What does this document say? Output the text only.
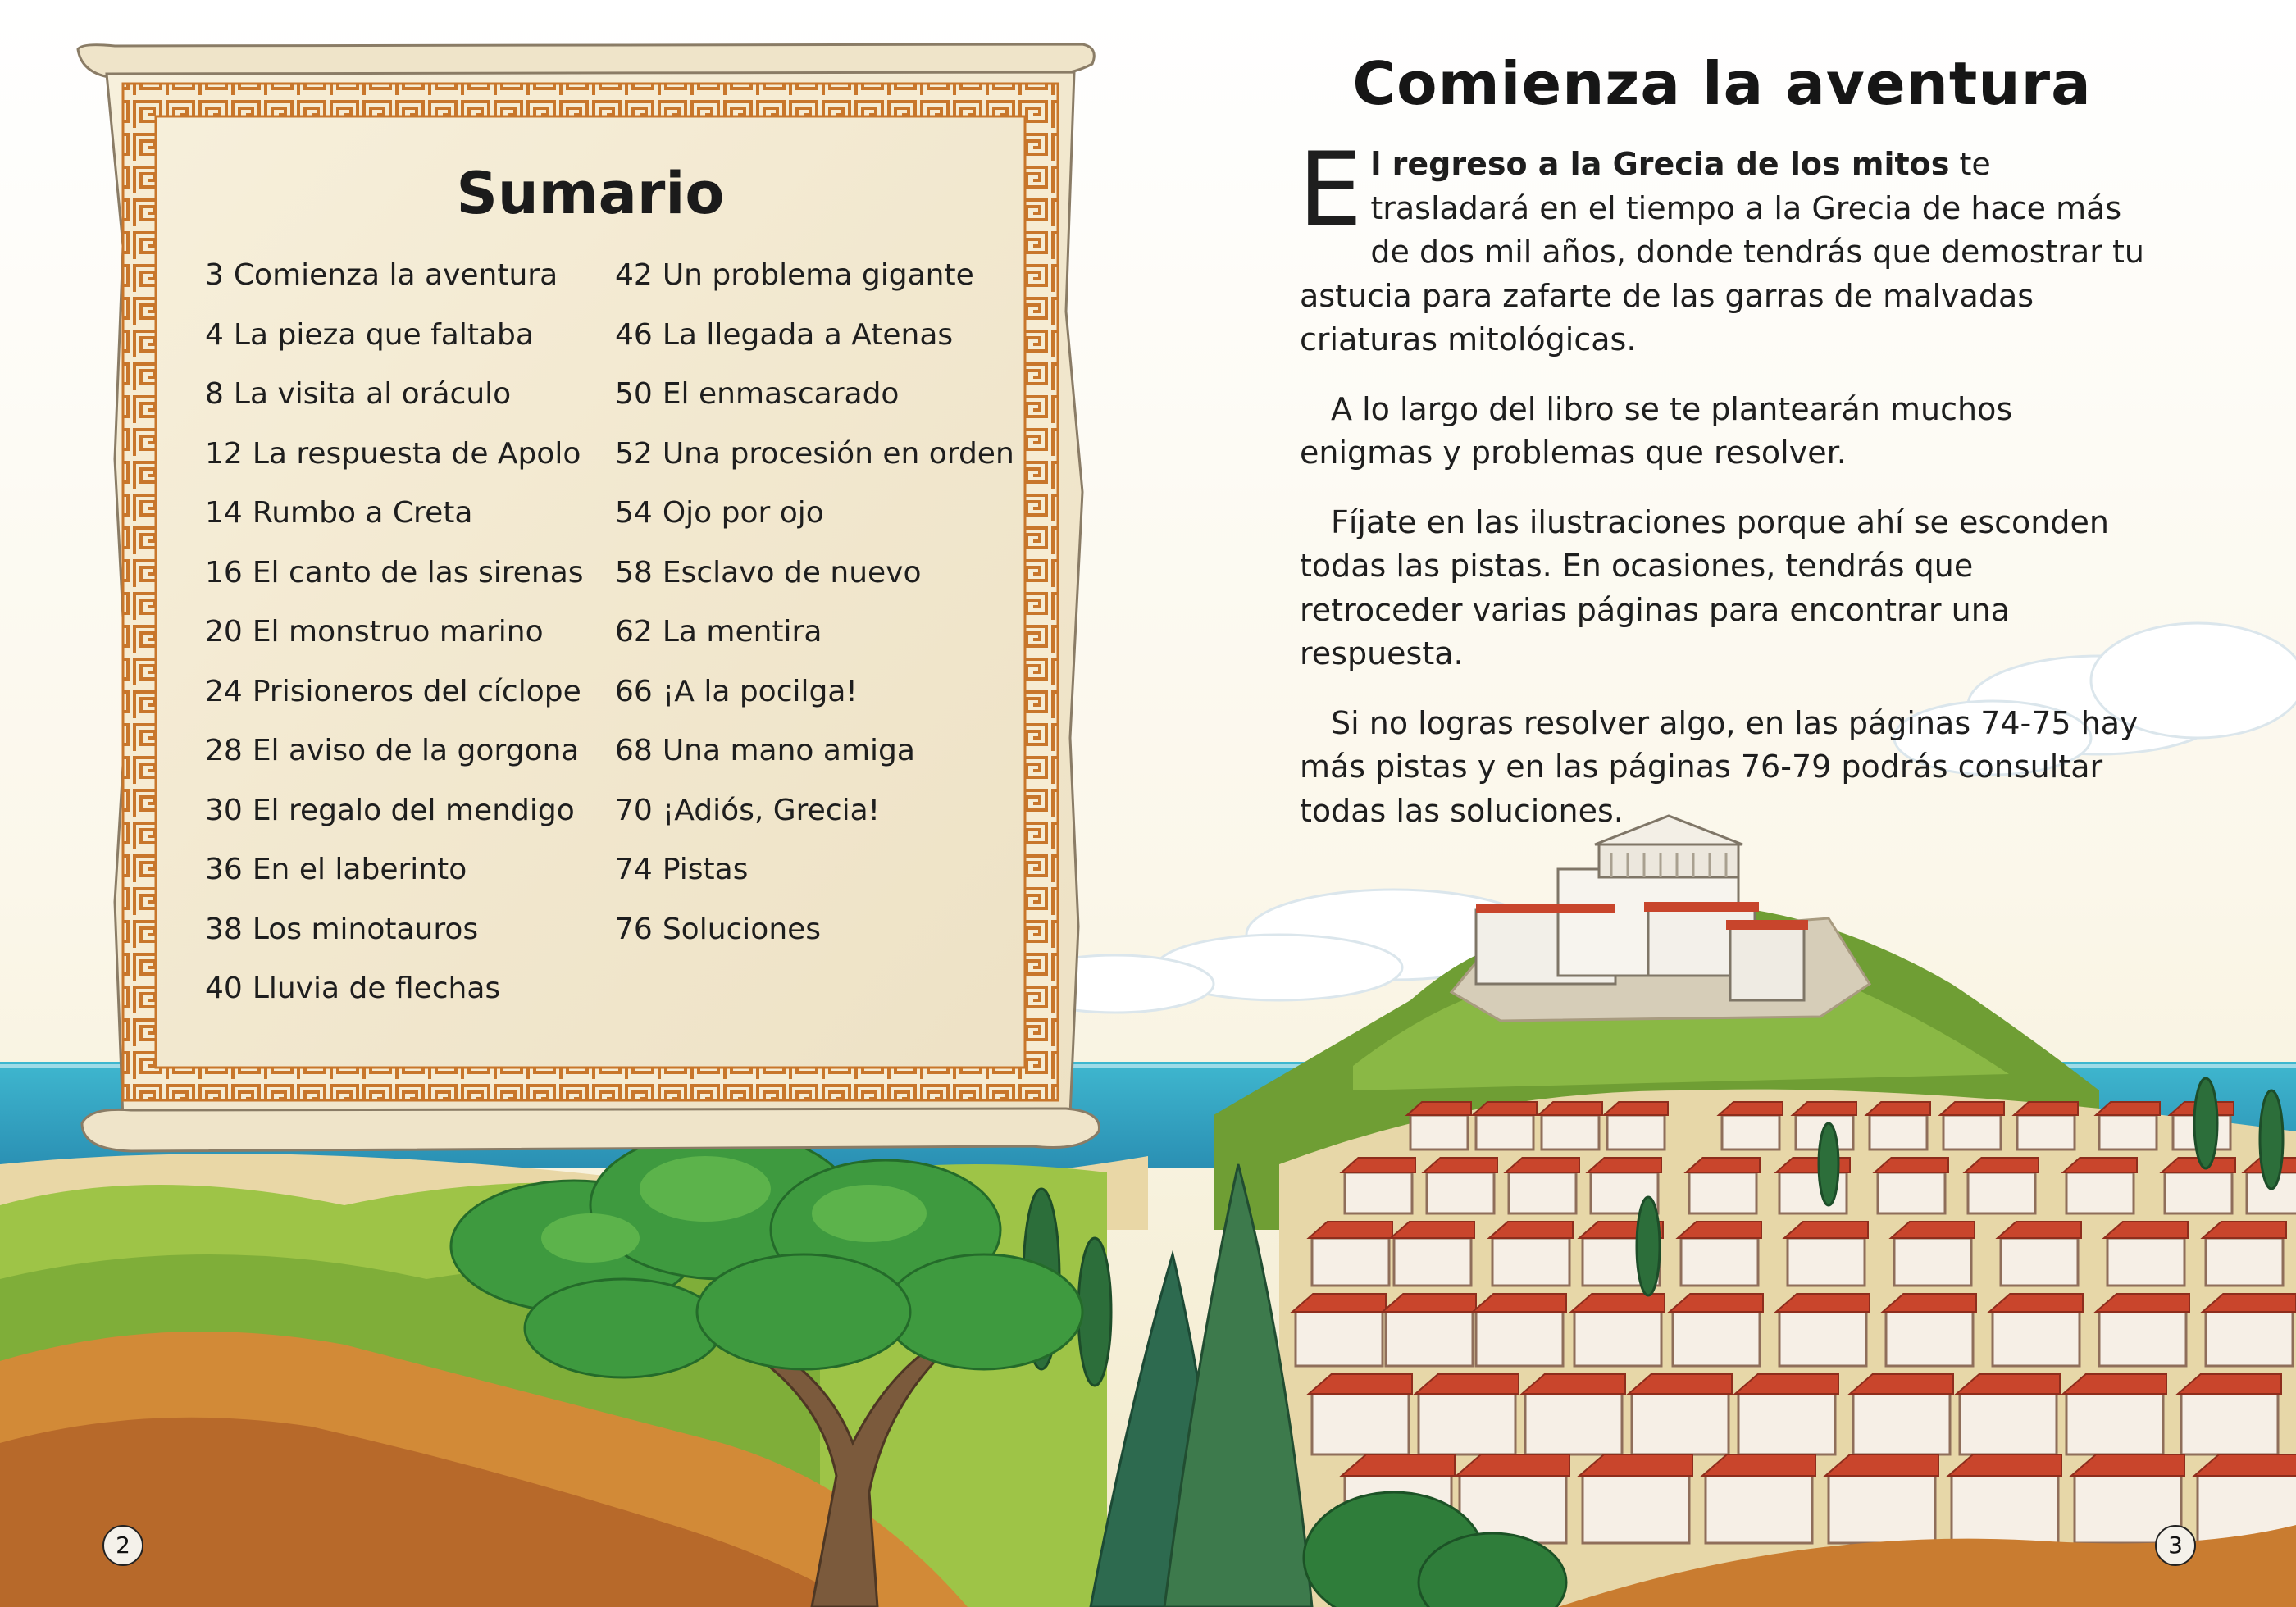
Sumario
3 Comienza la aventura
4 La pieza que faltaba
8 La visita al oráculo
12 La respuesta de Apolo
14 Rumbo a Creta
16 El canto de las sirenas
20 El monstruo marino
24 Prisioneros del cíclope
28 El aviso de la gorgona
30 El regalo del mendigo
36 En el laberinto
38 Los minotauros
40 Lluvia de flechas
42 Un problema gigante
46 La llegada a Atenas
50 El enmascarado
52 Una procesión en orden
54 Ojo por ojo
58 Esclavo de nuevo
62 La mentira
66 ¡A la pocilga!
68 Una mano amiga
70 ¡Adiós, Grecia!
74 Pistas
76 Soluciones
Comienza la aventura

El regreso a la Grecia de los mitos te trasladará en el tiempo a la Grecia de hace más de dos mil años, donde tendrás que demostrar tu astucia para zafarte de las garras de malvadas criaturas mitológicas.

A lo largo del libro se te plantearán muchos enigmas y problemas que resolver.

Fíjate en las ilustraciones porque ahí se esconden todas las pistas. En ocasiones, tendrás que retroceder varias páginas para encontrar una respuesta.

Si no logras resolver algo, en las páginas 74-75 hay más pistas y en las páginas 76-79 podrás consultar todas las soluciones.

2	3
